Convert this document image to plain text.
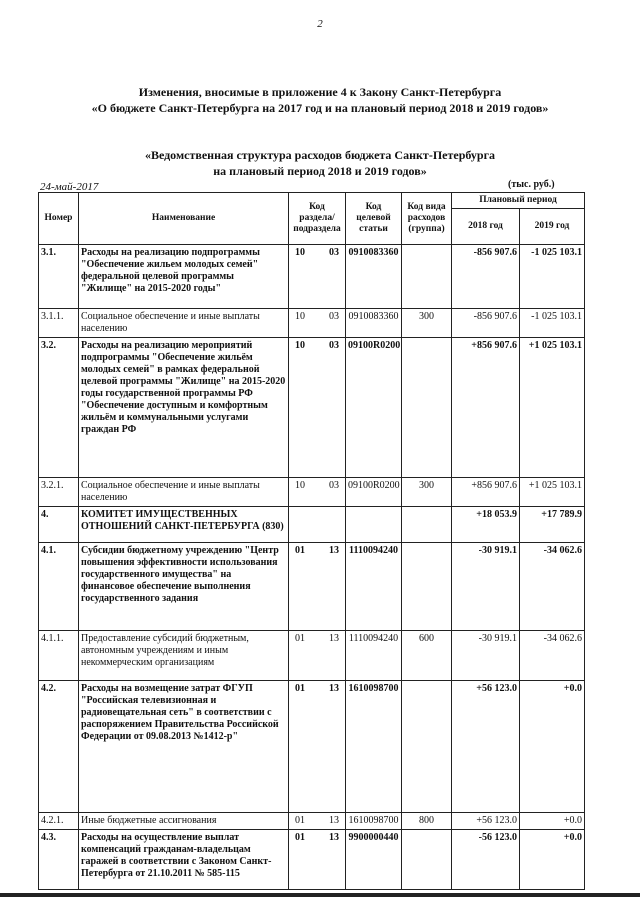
2
Изменения, вносимые в приложение 4 к Закону Санкт-Петербурга
«О бюджете Санкт-Петербурга на 2017 год и на плановый период 2018 и 2019 годов»
«Ведомственная структура расходов бюджета Санкт-Петербурга
на плановый период 2018 и 2019 годов»
24-май-2017	(тыс. руб.)
Номер	Наименование	Код раздела/ подраздела	Код целевой статьи	Код вида расходов (группа)	Плановый период	
					2018 год	2019 год
3.1.	Расходы на реализацию подпрограммы "Обеспечение жильем молодых семей" федеральной целевой программы "Жилище" на 2015-2020 годы"	10 03	0910083360		-856 907.6	-1 025 103.1
3.1.1.	Социальное обеспечение и иные выплаты населению	10 03	0910083360	300	-856 907.6	-1 025 103.1
3.2.	Расходы на реализацию мероприятий подпрограммы "Обеспечение жильём молодых семей" в рамках федеральной целевой программы "Жилище" на 2015-2020 годы государственной программы РФ "Обеспечение доступным и комфортным жильём и коммунальными услугами граждан РФ	10 03	09100R0200		+856 907.6	+1 025 103.1
3.2.1.	Социальное обеспечение и иные выплаты населению	10 03	09100R0200	300	+856 907.6	+1 025 103.1
4.	КОМИТЕТ ИМУЩЕСТВЕННЫХ ОТНОШЕНИЙ САНКТ-ПЕТЕРБУРГА (830)				+18 053.9	+17 789.9
4.1.	Субсидии бюджетному учреждению "Центр повышения эффективности использования государственного имущества" на финансовое обеспечение выполнения государственного задания	01 13	1110094240		-30 919.1	-34 062.6
4.1.1.	Предоставление субсидий бюджетным, автономным учреждениям и иным некоммерческим организациям	01 13	1110094240	600	-30 919.1	-34 062.6
4.2.	Расходы на возмещение затрат ФГУП "Российская телевизионная и радиовещательная сеть" в соответствии с распоряжением Правительства Российской Федерации от 09.08.2013 №1412-р"	01 13	1610098700		+56 123.0	+0.0
4.2.1.	Иные бюджетные ассигнования	01 13	1610098700	800	+56 123.0	+0.0
4.3.	Расходы на осуществление выплат компенсаций гражданам-владельцам гаражей в соответствии с Законом Санкт-Петербурга от 21.10.2011 № 585-115	01 13	9900000440		-56 123.0	+0.0
